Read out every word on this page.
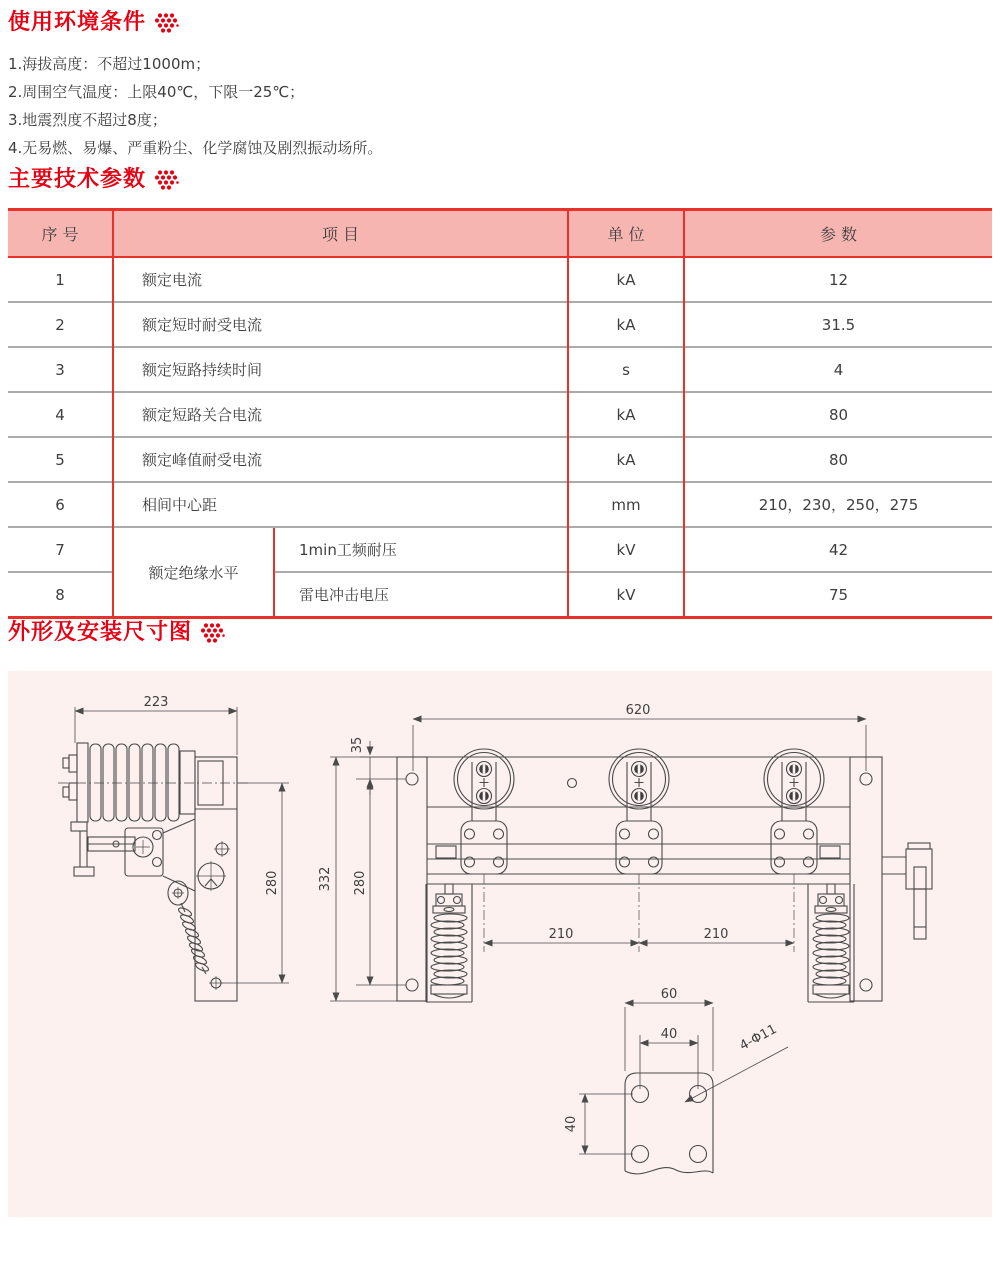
使用环境条件

1.海拔高度：不超过1000m；

2.周围空气温度：上限40℃，下限一25℃；

3.地震烈度不超过8度；

4.无易燃、易爆、严重粉尘、化学腐蚀及剧烈振动场所。

主要技术参数
序 号	项 目		单 位	参 数
1	额定电流		kA	12
2	额定短时耐受电流		kA	31.5
3	额定短路持续时间		s	4
4	额定短路关合电流		kA	80
5	额定峰值耐受电流		kA	80
6	相间中心距		mm	210，230，250，275
7	额定绝缘水平	1min工频耐压	kV	42
8		雷电冲击电压	kV	75
外形及安装尺寸图
223
280
620
35
332 280
210	210
60
40
40
4-Φ11
